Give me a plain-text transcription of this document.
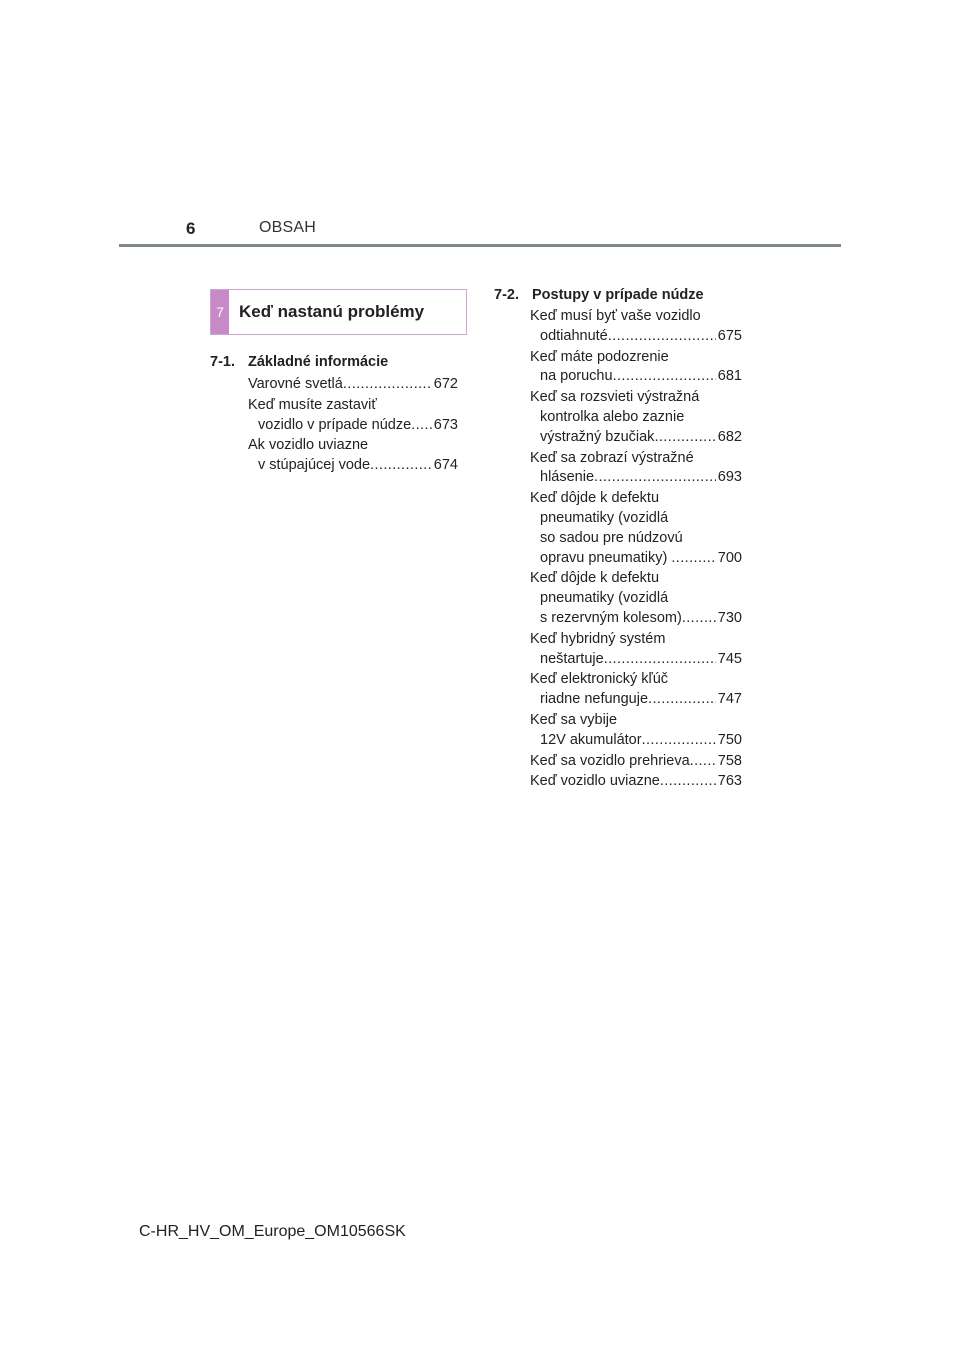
6	OBSAH
7 Keď nastanú problémy
7-1. Základné informácie
Varovné svetlá .....	672
Keď musíte zastaviť
vozidlo v prípade núdze ..... 673
Ak vozidlo uviazne
v stúpajúcej vode .....	674
7-2. Postupy v prípade núdze
Keď musí byť vaše vozidlo
odtiahnuté .....	675
Keď máte podozrenie
na poruchu .....	681
Keď sa rozsvieti výstražná
kontrolka alebo zaznie
výstražný bzučiak .....	682
Keď sa zobrazí výstražné
hlásenie .....	693
Keď dôjde k defektu
pneumatiky (vozidlá
so sadou pre núdzovú
opravu pneumatiky) .....	700
Keď dôjde k defektu
pneumatiky (vozidlá
s rezervným kolesom) ..... 730
Keď hybridný systém
neštartuje .....	745
Keď elektronický kľúč
riadne nefunguje .....	747
Keď sa vybije
12V akumulátor .....	750
Keď sa vozidlo prehrieva ..... 758
Keď vozidlo uviazne .....	763
C-HR_HV_OM_Europe_OM10566SK
